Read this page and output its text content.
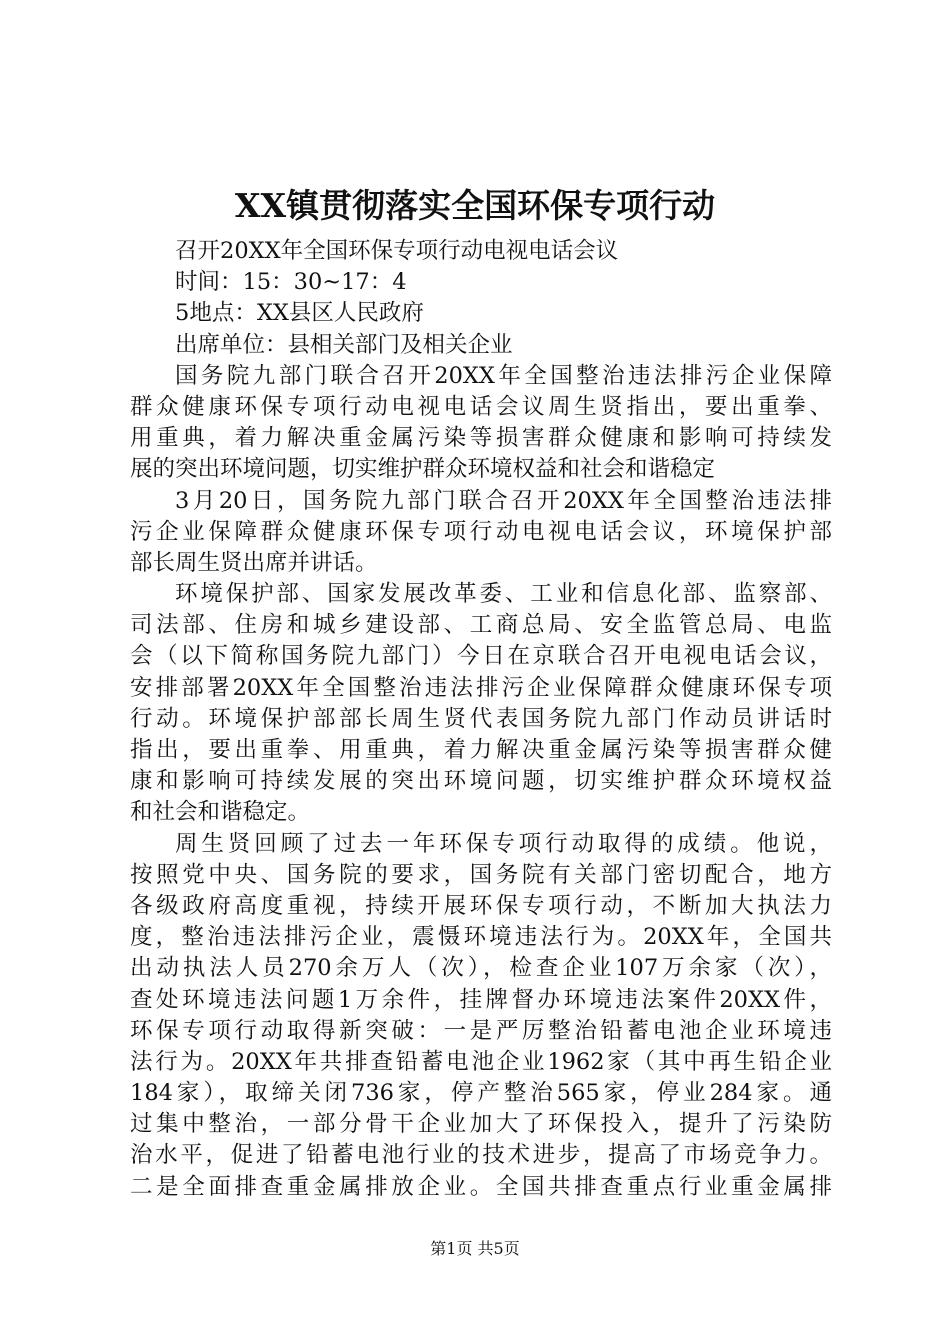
XX镇贯彻落实全国环保专项行动
召开20XX年全国环保专项行动电视电话会议
时间：15：30~17：4
5地点：XX县区人民政府
出席单位：县相关部门及相关企业
国务院九部门联合召开20XX年全国整治违法排污企业保障
群众健康环保专项行动电视电话会议周生贤指出，要出重拳、
用重典，着力解决重金属污染等损害群众健康和影响可持续发
展的突出环境问题，切实维护群众环境权益和社会和谐稳定
3月20日，国务院九部门联合召开20XX年全国整治违法排
污企业保障群众健康环保专项行动电视电话会议，环境保护部
部长周生贤出席并讲话。
环境保护部、国家发展改革委、工业和信息化部、监察部、
司法部、住房和城乡建设部、工商总局、安全监管总局、电监
会（以下简称国务院九部门）今日在京联合召开电视电话会议，
安排部署20XX年全国整治违法排污企业保障群众健康环保专项
行动。环境保护部部长周生贤代表国务院九部门作动员讲话时
指出，要出重拳、用重典，着力解决重金属污染等损害群众健
康和影响可持续发展的突出环境问题，切实维护群众环境权益
和社会和谐稳定。
周生贤回顾了过去一年环保专项行动取得的成绩。他说，
按照党中央、国务院的要求，国务院有关部门密切配合，地方
各级政府高度重视，持续开展环保专项行动，不断加大执法力
度，整治违法排污企业，震慑环境违法行为。20XX年，全国共
出动执法人员270余万人（次），检查企业107万余家（次），
查处环境违法问题1万余件，挂牌督办环境违法案件20XX件，
环保专项行动取得新突破：一是严厉整治铅蓄电池企业环境违
法行为。20XX年共排查铅蓄电池企业1962家（其中再生铅企业
184家），取缔关闭736家，停产整治565家，停业284家。通
过集中整治，一部分骨干企业加大了环保投入，提升了污染防
治水平，促进了铅蓄电池行业的技术进步，提高了市场竞争力。
二是全面排查重金属排放企业。全国共排查重点行业重金属排
第1页 共5页
